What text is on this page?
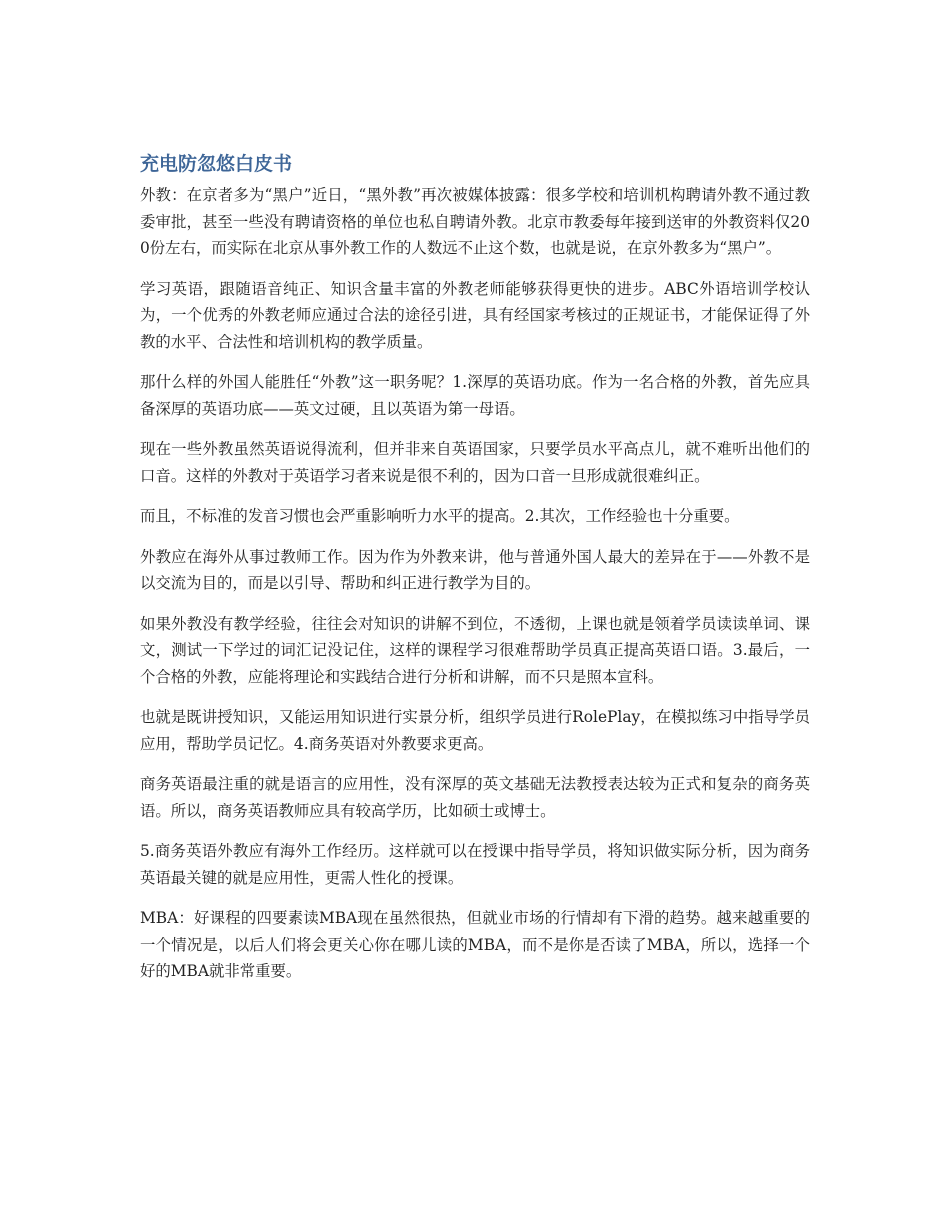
充电防忽悠白皮书

外教：在京者多为“黑户”近日，“黑外教”再次被媒体披露：很多学校和培训机构聘请外教不通过教委审批，甚至一些没有聘请资格的单位也私自聘请外教。北京市教委每年接到送审的外教资料仅200份左右，而实际在北京从事外教工作的人数远不止这个数，也就是说，在京外教多为“黑户”。

学习英语，跟随语音纯正、知识含量丰富的外教老师能够获得更快的进步。ABC外语培训学校认为，一个优秀的外教老师应通过合法的途径引进，具有经国家考核过的正规证书，才能保证得了外教的水平、合法性和培训机构的教学质量。

那什么样的外国人能胜任“外教”这一职务呢？1.深厚的英语功底。作为一名合格的外教，首先应具备深厚的英语功底——英文过硬，且以英语为第一母语。

现在一些外教虽然英语说得流利，但并非来自英语国家，只要学员水平高点儿，就不难听出他们的口音。这样的外教对于英语学习者来说是很不利的，因为口音一旦形成就很难纠正。

而且，不标准的发音习惯也会严重影响听力水平的提高。2.其次，工作经验也十分重要。

外教应在海外从事过教师工作。因为作为外教来讲，他与普通外国人最大的差异在于——外教不是以交流为目的，而是以引导、帮助和纠正进行教学为目的。

如果外教没有教学经验，往往会对知识的讲解不到位，不透彻，上课也就是领着学员读读单词、课文，测试一下学过的词汇记没记住，这样的课程学习很难帮助学员真正提高英语口语。3.最后，一个合格的外教，应能将理论和实践结合进行分析和讲解，而不只是照本宣科。

也就是既讲授知识，又能运用知识进行实景分析，组织学员进行RolePlay，在模拟练习中指导学员应用，帮助学员记忆。4.商务英语对外教要求更高。

商务英语最注重的就是语言的应用性，没有深厚的英文基础无法教授表达较为正式和复杂的商务英语。所以，商务英语教师应具有较高学历，比如硕士或博士。

5.商务英语外教应有海外工作经历。这样就可以在授课中指导学员，将知识做实际分析，因为商务英语最关键的就是应用性，更需人性化的授课。

MBA：好课程的四要素读MBA现在虽然很热，但就业市场的行情却有下滑的趋势。越来越重要的一个情况是，以后人们将会更关心你在哪儿读的MBA，而不是你是否读了MBA，所以，选择一个好的MBA就非常重要。
